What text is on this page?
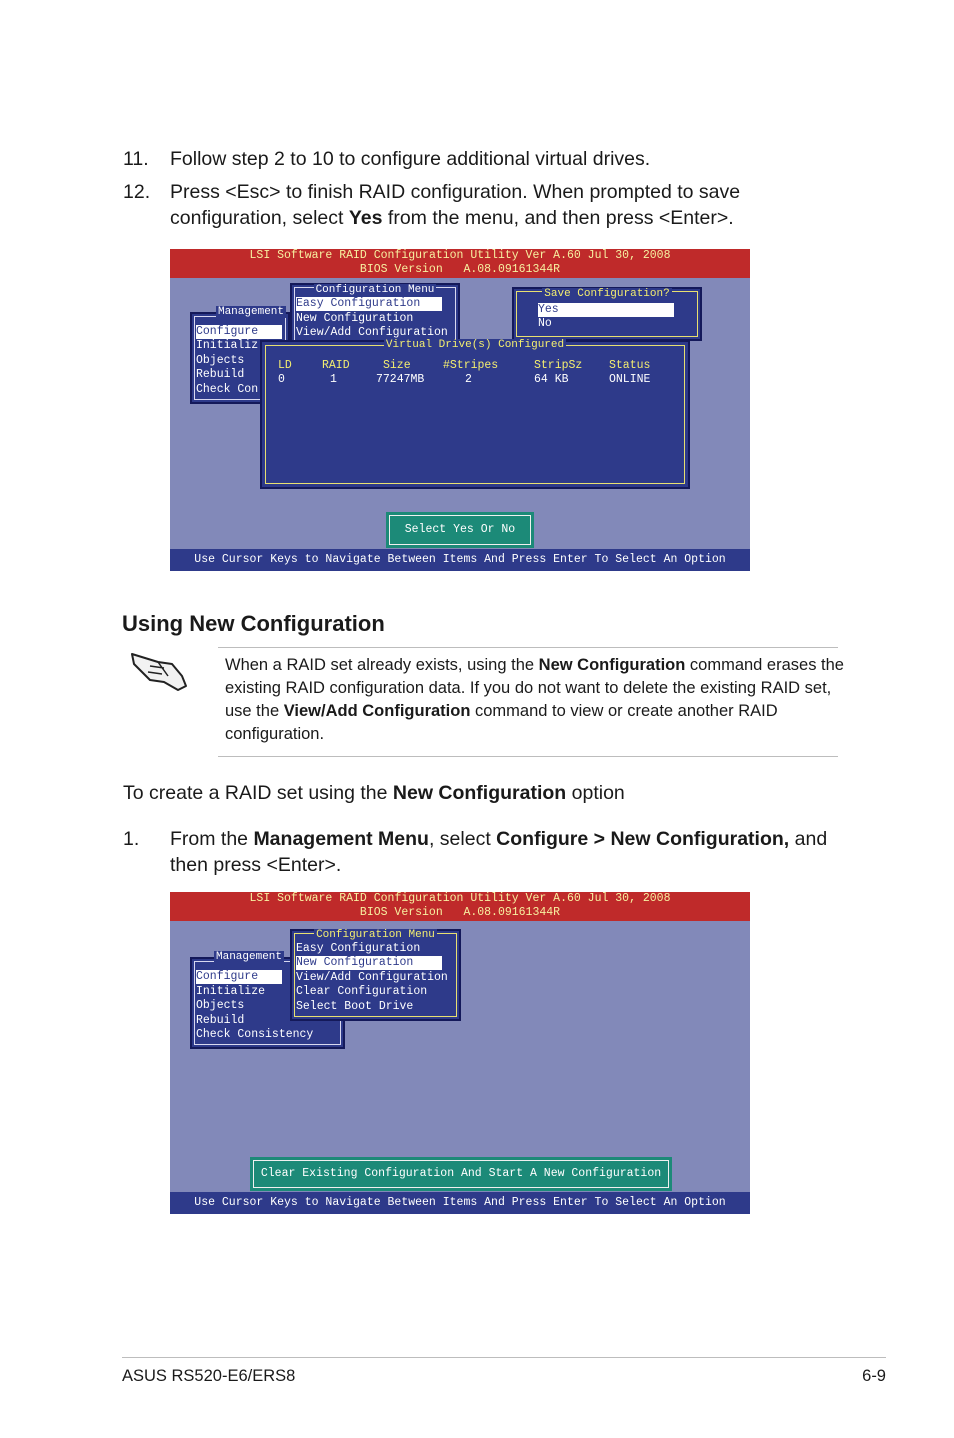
11. Follow step 2 to 10 to configure additional virtual drives.
12. Press <Esc> to finish RAID configuration. When prompted to save
configuration, select Yes from the menu, and then press <Enter>.
LSI Software RAID Configuration Utility Ver A.60 Jul 30, 2008
BIOS Version   A.08.09161344R
Management
Configure
Initializ
Objects
Rebuild
Check Con
Configuration Menu
Easy Configuration
New Configuration
View/Add Configuration
Save Configuration?
Yes
No
Virtual Drive(s) Configured
LD	RAID	Size	#Stripes	StripSz Status
0	1	77247MB	2	64 KB	ONLINE
Select Yes Or No
Use Cursor Keys to Navigate Between Items And Press Enter To Select An Option
Using New Configuration
When a RAID set already exists, using the New Configuration command erases the existing RAID configuration data. If you do not want to delete the existing RAID set, use the View/Add Configuration command to view or create another RAID configuration.
To create a RAID set using the New Configuration option
1. From the Management Menu, select Configure > New Configuration, and
then press <Enter>.
LSI Software RAID Configuration Utility Ver A.60 Jul 30, 2008
BIOS Version   A.08.09161344R
Management
Configure
Initialize
Objects
Rebuild
Check Consistency
Configuration Menu
Easy Configuration
New Configuration
View/Add Configuration
Clear Configuration
Select Boot Drive
Clear Existing Configuration And Start A New Configuration
Use Cursor Keys to Navigate Between Items And Press Enter To Select An Option
ASUS RS520-E6/ERS8	6-9
